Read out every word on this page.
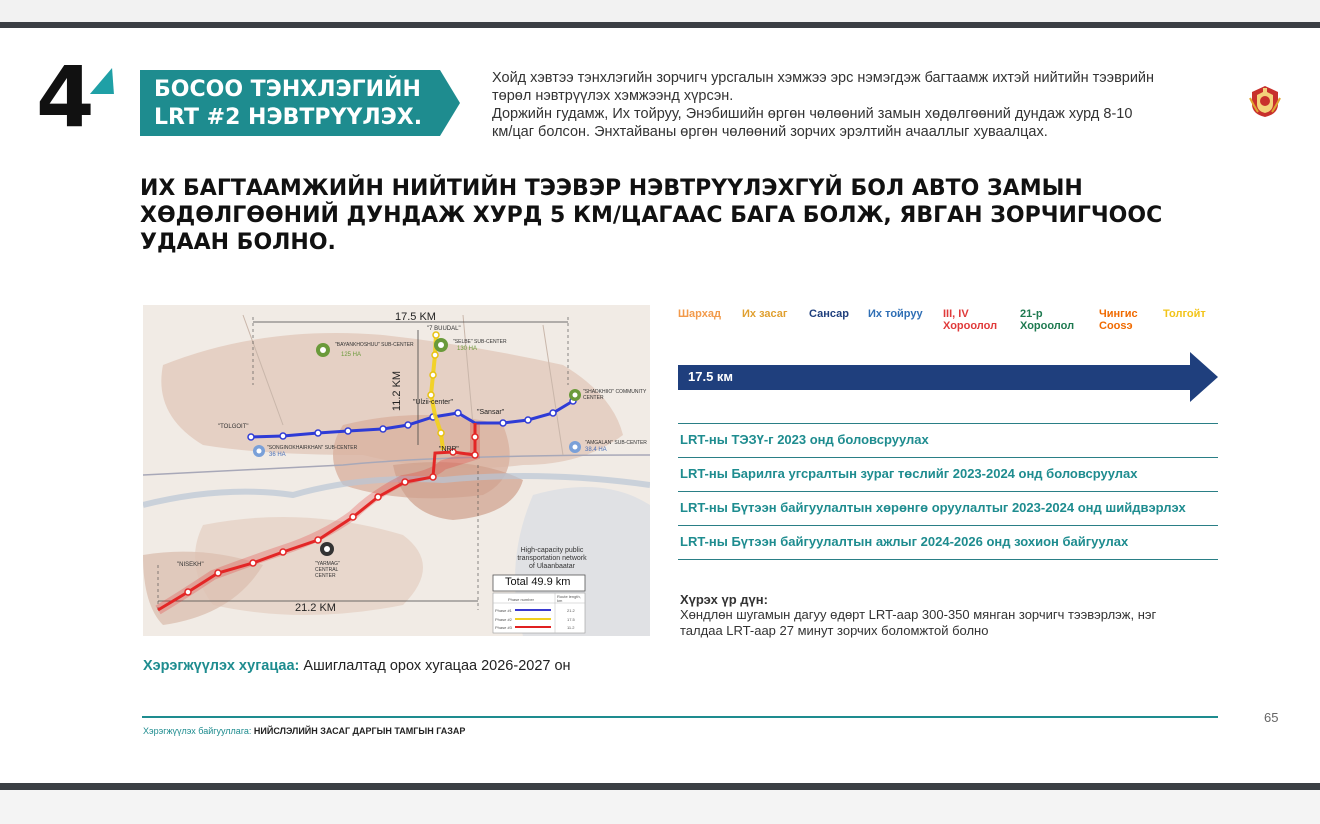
4	БОСОО ТЭНХЛЭГИЙН
LRT #2 НЭВТРҮҮЛЭХ.
Хойд хэвтээ тэнхлэгийн зорчигч урсгалын хэмжээ эрс нэмэгдэж багтаамж ихтэй нийтийн тээврийн
төрөл нэвтрүүлэх хэмжээнд хүрсэн.
Доржийн гудамж, Их тойруу, Энэбишийн өргөн чөлөөний замын хөдөлгөөний дундаж хурд 8-10
км/цаг болсон. Энхтайваны өргөн чөлөөний зорчих эрэлтийн ачааллыг хуваалцах.
ИХ БАГТААМЖИЙН НИЙТИЙН ТЭЭВЭР НЭВТРҮҮЛЭХГҮЙ БОЛ АВТО ЗАМЫН
ХӨДӨЛГӨӨНИЙ ДУНДАЖ ХУРД 5 КМ/ЦАГААС БАГА БОЛЖ, ЯВГАН ЗОРЧИГЧООС
УДААН БОЛНО.
17.5 KM
11.2 KM
21.2 KM
"7 BUUDAL"
"SELBE" SUB-CENTER
130 HA
"BAYANKHOSHUU" SUB-CENTER
125 HA
"SHADKHIIO" COMMUNITY CENTER
"TOLGOIT"
"SONGINOKHAIRKHAN" SUB-CENTER
36 HA
"Ulzii-center"
"Sansar"
"NRP"
"AMGALAN" SUB-CENTER
38.4 HA
"NISEKH"	"YARMAG" CENTRAL CENTER
High-capacity public
transportation network
of Ulaanbaatar
Total 49.9 km
Phase number
Route length, km
Phase #1
Phase #2
Phase #3
21.2
17.5
11.2
Шархад Их засаг Сансар Их тойруу III, IV
Хороолол
21-р
Хороолол
Чингис
Сооѕэ
Толгойт
17.5 км
LRT-ны ТЭЗҮ-г 2023 онд боловсруулах
LRT-ны Барилга угсралтын зураг төслийг 2023-2024 онд боловсруулах
LRT-ны Бүтээн байгуулалтын хөрөнгө оруулалтыг 2023-2024 онд шийдвэрлэх
LRT-ны Бүтээн байгуулалтын ажлыг 2024-2026 онд зохион байгуулах
Хүрэх үр дүн:
Хөндлөн шугамын дагуу өдөрт LRT-аар 300-350 мянган зорчигч тээвэрлэж, нэг
талдаа LRT-аар 27 минут зорчих боломжтой болно
Хэрэгжүүлэх хугацаа: Ашиглалтад орох хугацаа 2026-2027 он
Хэрэгжүүлэх байгууллага: НИЙСЛЭЛИЙН ЗАСАГ ДАРГЫН ТАМГЫН ГАЗАР
65
